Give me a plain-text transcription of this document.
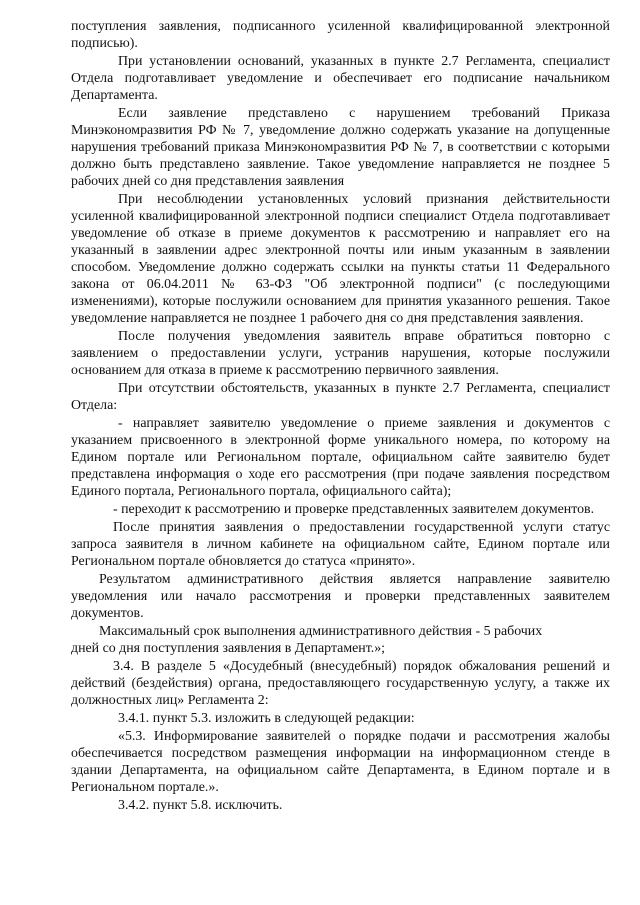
поступления заявления, подписанного усиленной квалифицированной электронной подписью).

При установлении оснований, указанных в пункте 2.7 Регламента, специалист Отдела подготавливает уведомление и обеспечивает его подписание начальником Департамента.

Если заявление представлено с нарушением требований Приказа Минэкономразвития РФ № 7, уведомление должно содержать указание на допущенные нарушения требований приказа Минэкономразвития РФ № 7, в соответствии с которыми должно быть представлено заявление. Такое уведомление направляется не позднее 5 рабочих дней со дня представления заявления

При несоблюдении установленных условий признания действительности усиленной квалифицированной электронной подписи специалист Отдела подготавливает уведомление об отказе в приеме документов к рассмотрению и направляет его на указанный в заявлении адрес электронной почты или иным указанным в заявлении способом. Уведомление должно содержать ссылки на пункты статьи 11 Федерального закона от 06.04.2011 № 63-ФЗ "Об электронной подписи" (с последующими изменениями), которые послужили основанием для принятия указанного решения. Такое уведомление направляется не позднее 1 рабочего дня со дня представления заявления.

После получения уведомления заявитель вправе обратиться повторно с заявлением о предоставлении услуги, устранив нарушения, которые послужили основанием для отказа в приеме к рассмотрению первичного заявления.

При отсутствии обстоятельств, указанных в пункте 2.7 Регламента, специалист Отдела:

- направляет заявителю уведомление о приеме заявления и документов с указанием присвоенного в электронной форме уникального номера, по которому на Едином портале или Региональном портале, официальном сайте заявителю будет представлена информация о ходе его рассмотрения (при подаче заявления посредством Единого портала, Регионального портала, официального сайта);

- переходит к рассмотрению и проверке представленных заявителем документов.

После принятия заявления о предоставлении государственной услуги статус запроса заявителя в личном кабинете на официальном сайте, Едином портале или Региональном портале обновляется до статуса «принято».

Результатом административного действия является направление заявителю уведомления или начало рассмотрения и проверки представленных заявителем документов.

Максимальный срок выполнения административного действия - 5 рабочих

дней со дня поступления заявления в Департамент.»;

3.4. В разделе 5 «Досудебный (внесудебный) порядок обжалования решений и действий (бездействия) органа, предоставляющего государственную услугу, а также их должностных лиц» Регламента 2:

3.4.1. пункт 5.3. изложить в следующей редакции:

«5.3. Информирование заявителей о порядке подачи и рассмотрения жалобы обеспечивается посредством размещения информации на информационном стенде в здании Департамента, на официальном сайте Департамента, в Едином портале и в Региональном портале.».

3.4.2. пункт 5.8. исключить.
